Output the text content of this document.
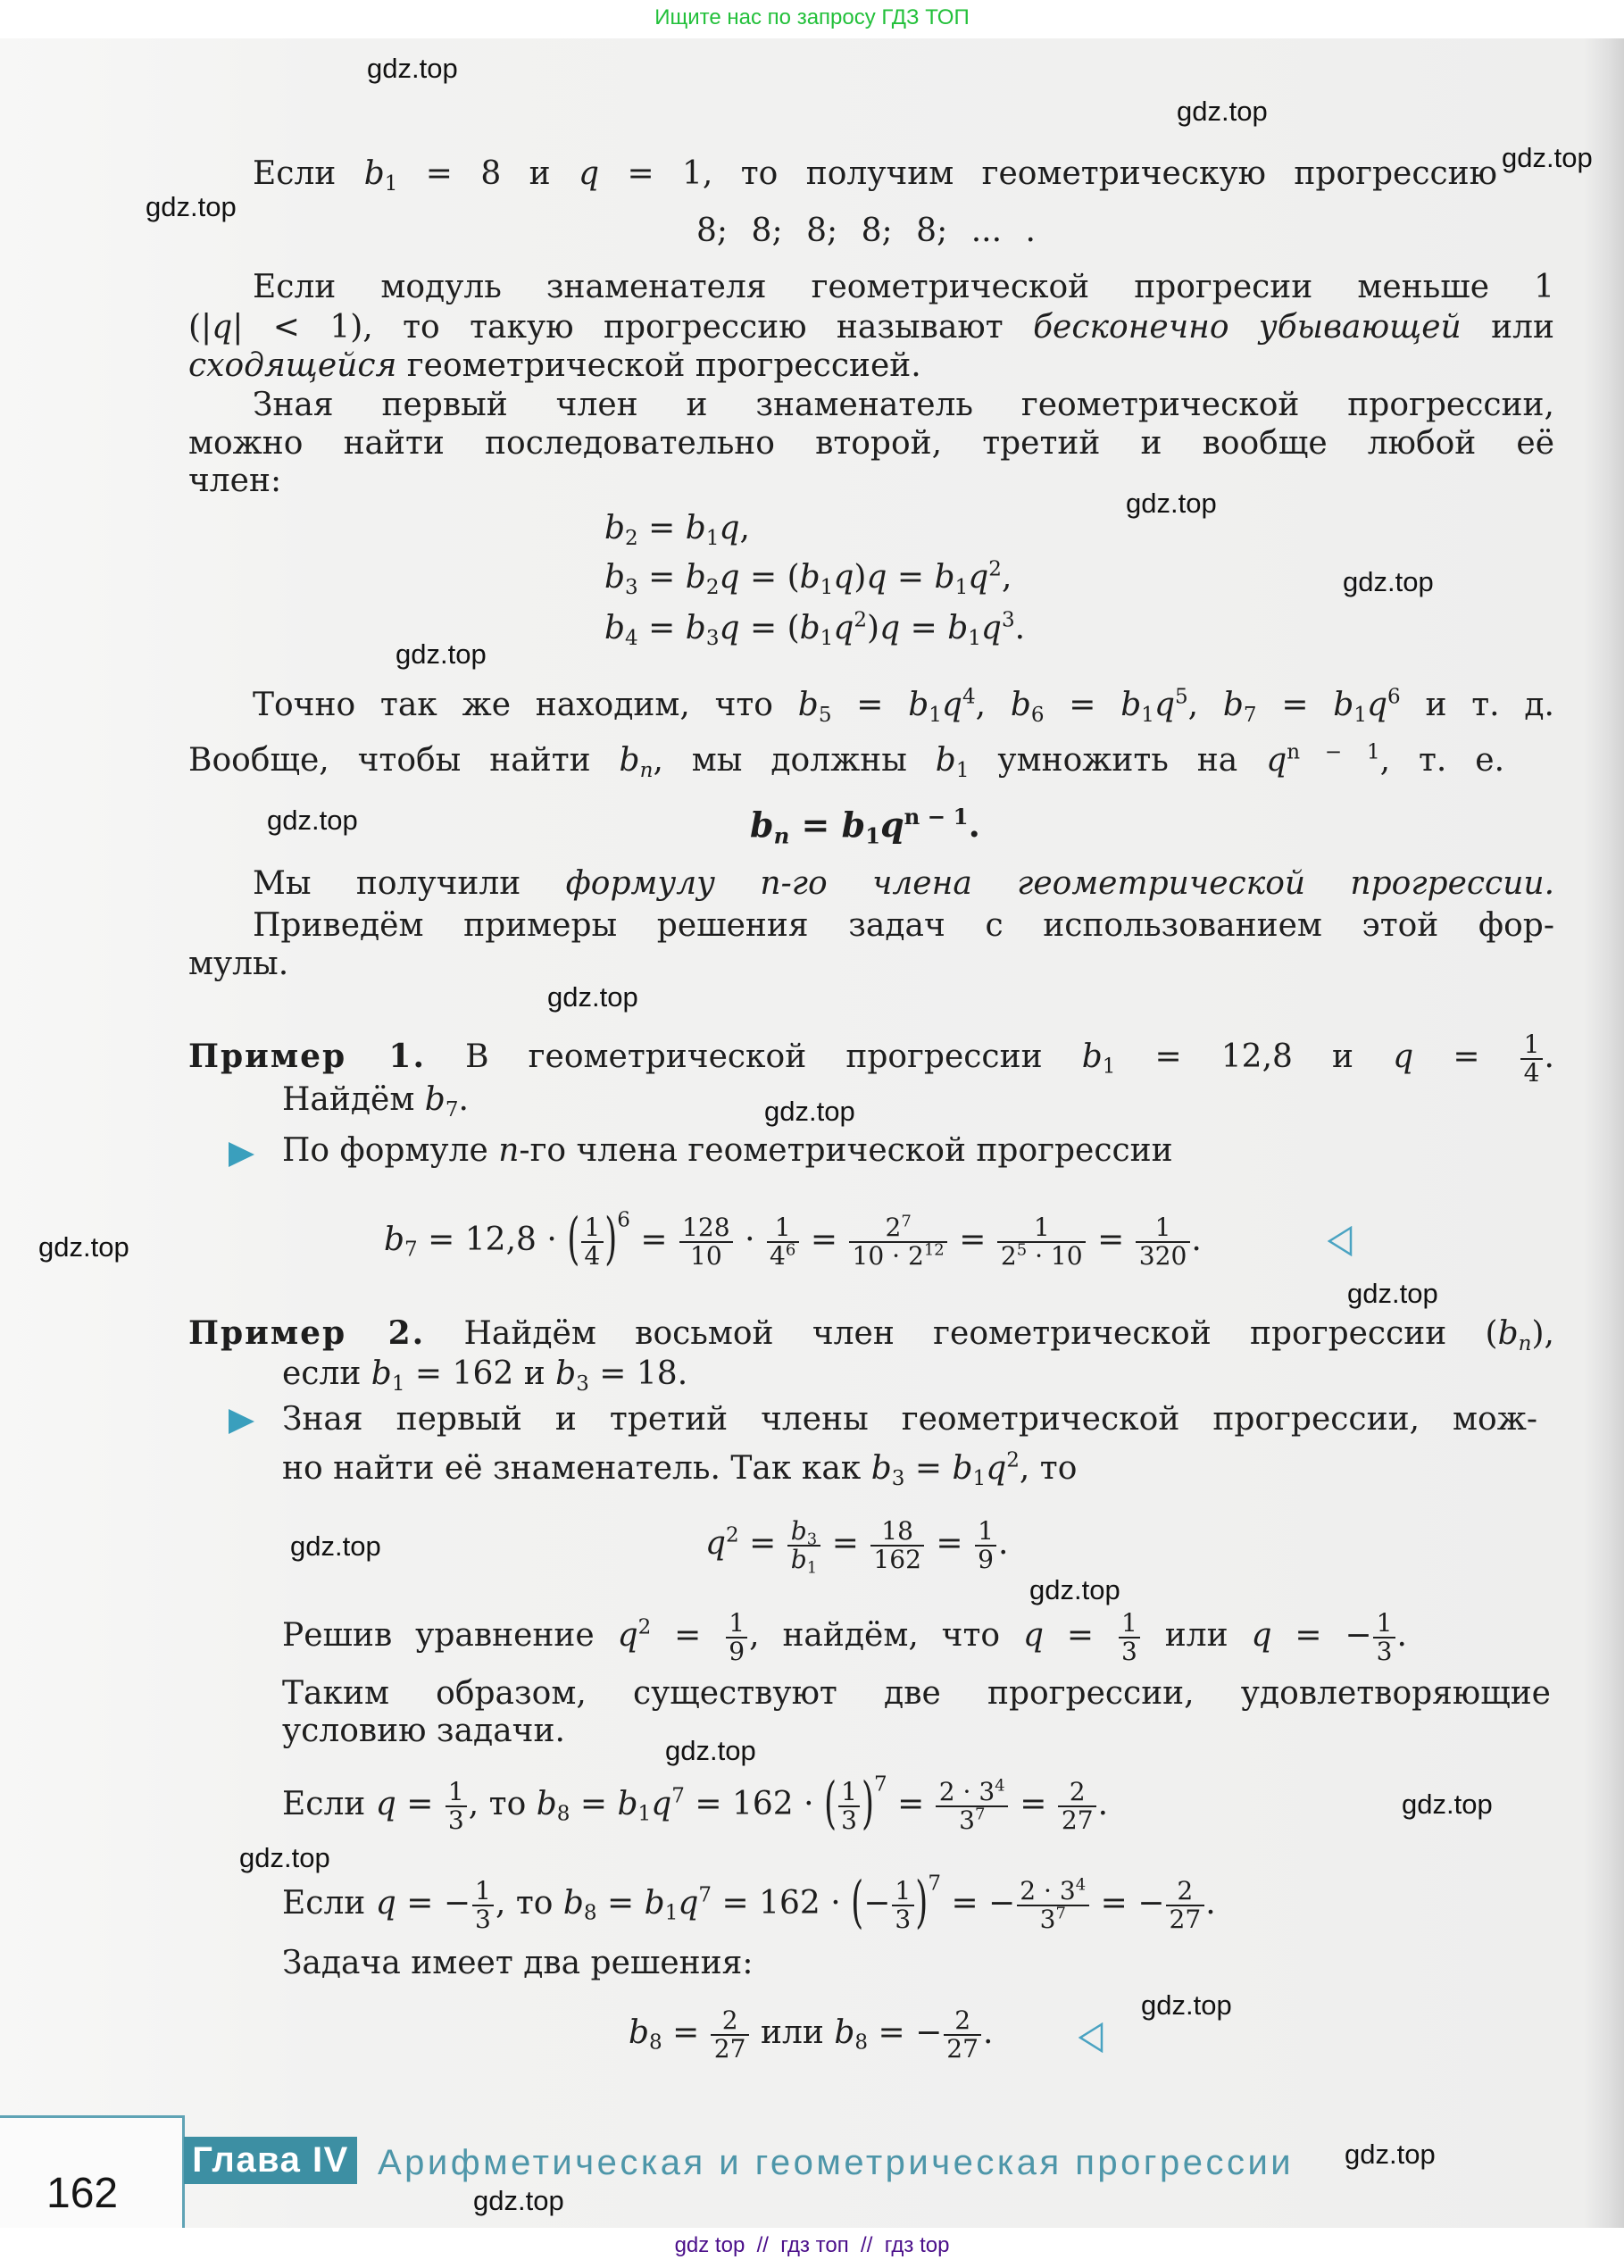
Ищите нас по запросу ГДЗ ТОП
gdz.top
gdz.top
gdz.top
gdz.top
gdz.top
gdz.top
gdz.top
gdz.top
gdz.top
gdz.top
gdz.top
gdz.top
gdz.top
gdz.top
gdz.top
gdz.top
gdz.top
gdz.top
gdz.top
gdz.top
Если $b_1 = 8$ и q = 1, то получим геометрическую прогрессию
8; 8; 8; 8; 8; ... .
Если модуль знаменателя геометрической прогресии меньше 1
(|q| < 1), то такую прогрессию называют бесконечно убывающей или
сходящейся геометрической прогрессией.
Зная первый член и знаменатель геометрической прогрессии,
можно найти последовательно второй, третий и вообще любой её
член:
$b_2 = b_1q$,
$b_3 = b_2q = (b_1q)q = b_1q^2$,
$b_4 = b_3q = (b_1q^2)q = b_1q^3$.
Точно так же находим, что $b_5 = b_1q^4$, $b_6 = b_1q^5$, $b_7 = b_1q^6$ и т. д.
Вообще, чтобы найти $b_n$, мы должны $b_1$ умножить на $q^{n - 1}$, т. е.
$b_n = b_1q^{n - 1}$.
Мы получили формулу n-го члена геометрической прогрессии.
Приведём примеры решения задач с использованием этой фор-
мулы.
Пример 1. В геометрической прогрессии $b_1 = 12,8$ и $q = \frac{1}{4}$ .
Найдём $b_7$.
По формуле n-го члена геометрической прогрессии
$b_7 = 12,8$ · ( $\frac{1}{4} )^6 = \frac{128}{10} \cdot \frac{1}{4^6} = \frac{2^7}{10 \cdot 2^{12}} = \frac{1}{2^5 \cdot 10} = \frac{1}{320}$ .
Пример 2. Найдём восьмой член геометрической прогрессии $(b_n)$,
если $b_1 = 162$ и $b_3 = 18$.
Зная первый и третий члены геометрической прогрессии, мож-
но найти её знаменатель. Так как $b_3 = b_1q^2$, то
$q^2 = \frac{b_3}{b_1} = \frac{18}{162} = \frac{1}{9}$ .
Решив уравнение $q^2 = \frac{1}{9}$ , найдём, что $q = \frac{1}{3}$ или q = − $\frac{1}{3}$ .
Таким образом, существуют две прогрессии, удовлетворяющие
условию задачи.
Если $q = \frac{1}{3}$ , то $b_8 = b_1q^7 = 162$ · ( $\frac{1}{3} )^7 = \frac{2 \cdot 3^4}{3^7} = \frac{2}{27}$ .
Если q = − $\frac{1}{3}$ , то $b_8 = b_1q^7 = 162$ · (− $\frac{1}{3} )^7$ = − $\frac{2 \cdot 3^4}{3^7}$ = − $\frac{2}{27}$ .
Задача имеет два решения:
$b_8 = \frac{2}{27}$ или $b_8$ = − $\frac{2}{27}$ .
162
Глава IV Арифметическая и геометрическая прогрессии
gdz top  //  гдз топ  //  гдз top
